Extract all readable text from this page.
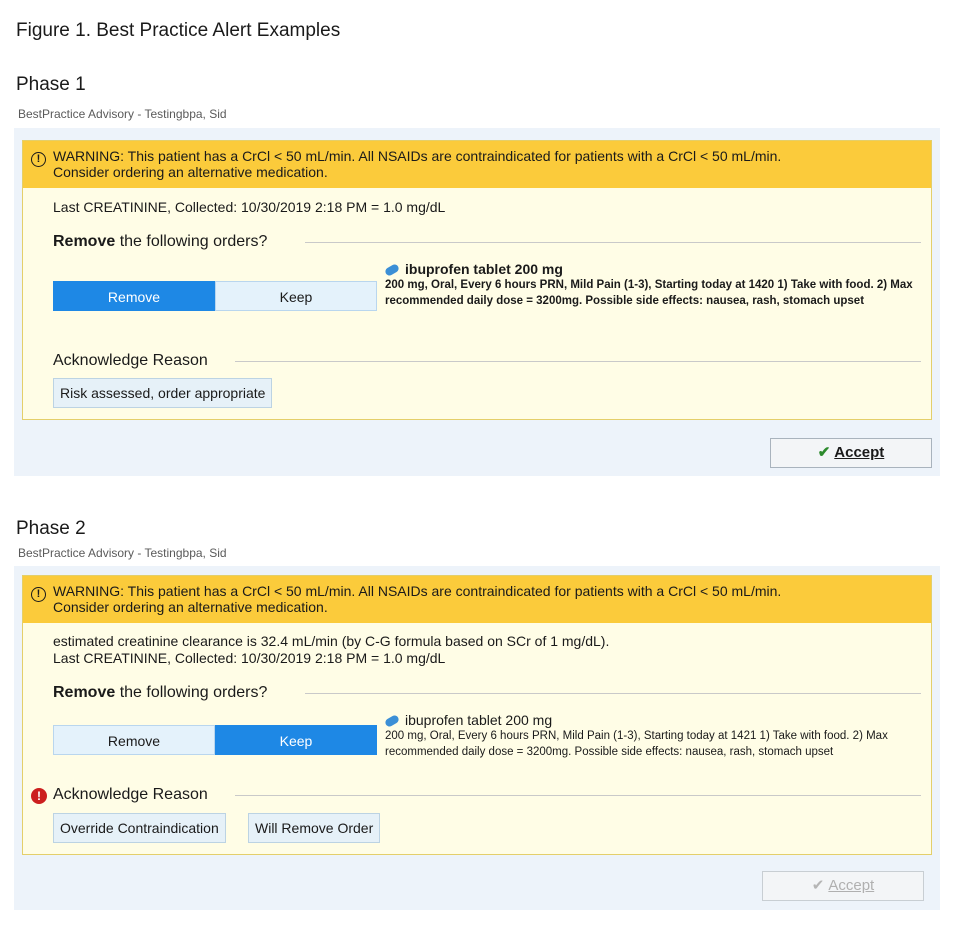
Figure 1. Best Practice Alert Examples
Phase 1
BestPractice Advisory - Testingbpa, Sid
! WARNING: This patient has a CrCl < 50 mL/min. All NSAIDs are contraindicated for patients with a CrCl < 50 mL/min.
Consider ordering an alternative medication.
Last CREATININE, Collected: 10/30/2019 2:18 PM = 1.0 mg/dL
Remove the following orders?
Remove	Keep
ibuprofen tablet 200 mg
200 mg, Oral, Every 6 hours PRN, Mild Pain (1-3), Starting today at 1420 1) Take with food. 2) Max recommended daily dose = 3200mg. Possible side effects: nausea, rash, stomach upset
Acknowledge Reason
Risk assessed, order appropriate
✔ Accept
Phase 2
BestPractice Advisory - Testingbpa, Sid
! WARNING: This patient has a CrCl < 50 mL/min. All NSAIDs are contraindicated for patients with a CrCl < 50 mL/min.
Consider ordering an alternative medication.
estimated creatinine clearance is 32.4 mL/min (by C-G formula based on SCr of 1 mg/dL).
Last CREATININE, Collected: 10/30/2019 2:18 PM = 1.0 mg/dL
Remove the following orders?
Remove	Keep
ibuprofen tablet 200 mg
200 mg, Oral, Every 6 hours PRN, Mild Pain (1-3), Starting today at 1421 1) Take with food. 2) Max recommended daily dose = 3200mg. Possible side effects: nausea, rash, stomach upset
! Acknowledge Reason
Override Contraindication	Will Remove Order
✔ Accept
